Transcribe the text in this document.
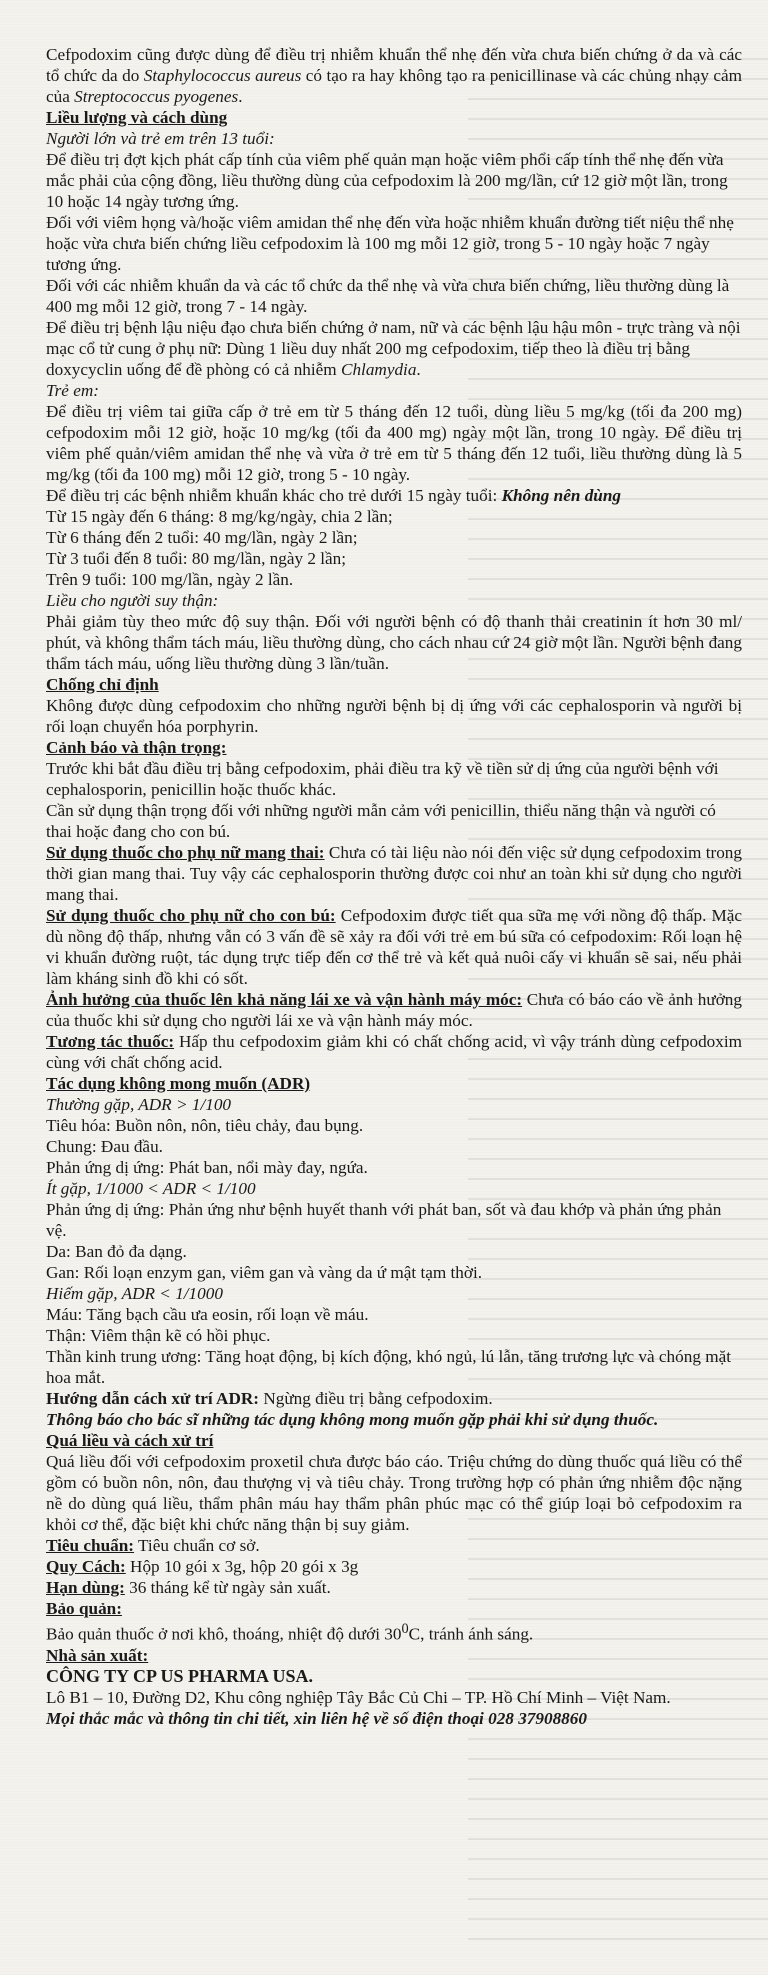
Cefpodoxim cũng được dùng để điều trị nhiễm khuẩn thể nhẹ đến vừa chưa biến chứng ở da và các tổ chức da do Staphylococcus aureus có tạo ra hay không tạo ra penicillinase và các chủng nhạy cảm của Streptococcus pyogenes.

Liều lượng và cách dùng

Người lớn và trẻ em trên 13 tuổi:

Để điều trị đợt kịch phát cấp tính của viêm phế quản mạn hoặc viêm phổi cấp tính thể nhẹ đến vừa mắc phải của cộng đồng, liều thường dùng của cefpodoxim là 200 mg/lần, cứ 12 giờ một lần, trong 10 hoặc 14 ngày tương ứng.

Đối với viêm họng và/hoặc viêm amidan thể nhẹ đến vừa hoặc nhiễm khuẩn đường tiết niệu thể nhẹ hoặc vừa chưa biến chứng liều cefpodoxim là 100 mg mỗi 12 giờ, trong 5 - 10 ngày hoặc 7 ngày tương ứng.

Đối với các nhiễm khuẩn da và các tổ chức da thể nhẹ và vừa chưa biến chứng, liều thường dùng là 400 mg mỗi 12 giờ, trong 7 - 14 ngày.

Để điều trị bệnh lậu niệu đạo chưa biến chứng ở nam, nữ và các bệnh lậu hậu môn - trực tràng và nội mạc cổ tử cung ở phụ nữ: Dùng 1 liều duy nhất 200 mg cefpodoxim, tiếp theo là điều trị bằng doxycyclin uống để đề phòng có cả nhiễm Chlamydia.

Trẻ em:

Để điều trị viêm tai giữa cấp ở trẻ em từ 5 tháng đến 12 tuổi, dùng liều 5 mg/kg (tối đa 200 mg) cefpodoxim mỗi 12 giờ, hoặc 10 mg/kg (tối đa 400 mg) ngày một lần, trong 10 ngày. Để điều trị viêm phế quản/viêm amidan thể nhẹ và vừa ở trẻ em từ 5 tháng đến 12 tuổi, liều thường dùng là 5 mg/kg (tối đa 100 mg) mỗi 12 giờ, trong 5 - 10 ngày.

Để điều trị các bệnh nhiễm khuẩn khác cho trẻ dưới 15 ngày tuổi: Không nên dùng

Từ 15 ngày đến 6 tháng: 8 mg/kg/ngày, chia 2 lần;

Từ 6 tháng đến 2 tuổi: 40 mg/lần, ngày 2 lần;

Từ 3 tuổi đến 8 tuổi: 80 mg/lần, ngày 2 lần;

Trên 9 tuổi: 100 mg/lần, ngày 2 lần.

Liều cho người suy thận:

Phải giảm tùy theo mức độ suy thận. Đối với người bệnh có độ thanh thải creatinin ít hơn 30 ml/ phút, và không thẩm tách máu, liều thường dùng, cho cách nhau cứ 24 giờ một lần. Người bệnh đang thẩm tách máu, uống liều thường dùng 3 lần/tuần.

Chống chỉ định

Không được dùng cefpodoxim cho những người bệnh bị dị ứng với các cephalosporin và người bị rối loạn chuyển hóa porphyrin.

Cảnh báo và thận trọng:

Trước khi bắt đầu điều trị bằng cefpodoxim, phải điều tra kỹ về tiền sử dị ứng của người bệnh với cephalosporin, penicillin hoặc thuốc khác.

Cần sử dụng thận trọng đối với những người mẫn cảm với penicillin, thiểu năng thận và người có thai hoặc đang cho con bú.

Sử dụng thuốc cho phụ nữ mang thai: Chưa có tài liệu nào nói đến việc sử dụng cefpodoxim trong thời gian mang thai. Tuy vậy các cephalosporin thường được coi như an toàn khi sử dụng cho người mang thai.

Sử dụng thuốc cho phụ nữ cho con bú: Cefpodoxim được tiết qua sữa mẹ với nồng độ thấp. Mặc dù nồng độ thấp, nhưng vẫn có 3 vấn đề sẽ xảy ra đối với trẻ em bú sữa có cefpodoxim: Rối loạn hệ vi khuẩn đường ruột, tác dụng trực tiếp đến cơ thể trẻ và kết quả nuôi cấy vi khuẩn sẽ sai, nếu phải làm kháng sinh đồ khi có sốt.

Ảnh hưởng của thuốc lên khả năng lái xe và vận hành máy móc: Chưa có báo cáo về ảnh hưởng của thuốc khi sử dụng cho người lái xe và vận hành máy móc.

Tương tác thuốc: Hấp thu cefpodoxim giảm khi có chất chống acid, vì vậy tránh dùng cefpodoxim cùng với chất chống acid.

Tác dụng không mong muốn (ADR)

Thường gặp, ADR > 1/100

Tiêu hóa: Buồn nôn, nôn, tiêu chảy, đau bụng.

Chung: Đau đầu.

Phản ứng dị ứng: Phát ban, nổi mày đay, ngứa.

Ít gặp, 1/1000 < ADR < 1/100

Phản ứng dị ứng: Phản ứng như bệnh huyết thanh với phát ban, sốt và đau khớp và phản ứng phản vệ.

Da: Ban đỏ đa dạng.

Gan: Rối loạn enzym gan, viêm gan và vàng da ứ mật tạm thời.

Hiếm gặp, ADR < 1/1000

Máu: Tăng bạch cầu ưa eosin, rối loạn về máu.

Thận: Viêm thận kẽ có hồi phục.

Thần kinh trung ương: Tăng hoạt động, bị kích động, khó ngủ, lú lẫn, tăng trương lực và chóng mặt hoa mắt.

Hướng dẫn cách xử trí ADR: Ngừng điều trị bằng cefpodoxim.

Thông báo cho bác sĩ những tác dụng không mong muốn gặp phải khi sử dụng thuốc.

Quá liều và cách xử trí

Quá liều đối với cefpodoxim proxetil chưa được báo cáo. Triệu chứng do dùng thuốc quá liều có thể gồm có buồn nôn, nôn, đau thượng vị và tiêu chảy. Trong trường hợp có phản ứng nhiễm độc nặng nề do dùng quá liều, thẩm phân máu hay thẩm phân phúc mạc có thể giúp loại bỏ cefpodoxim ra khỏi cơ thể, đặc biệt khi chức năng thận bị suy giảm.

Tiêu chuẩn: Tiêu chuẩn cơ sở.

Quy Cách: Hộp 10 gói x 3g, hộp 20 gói x 3g

Hạn dùng: 36 tháng kể từ ngày sản xuất.

Bảo quản:

Bảo quản thuốc ở nơi khô, thoáng, nhiệt độ dưới $30^0C$, tránh ánh sáng.

Nhà sản xuất:

CÔNG TY CP US PHARMA USA.

Lô B1 – 10, Đường D2, Khu công nghiệp Tây Bắc Củ Chi – TP. Hồ Chí Minh – Việt Nam.

Mọi thắc mắc và thông tin chi tiết, xin liên hệ về số điện thoại 028 37908860
